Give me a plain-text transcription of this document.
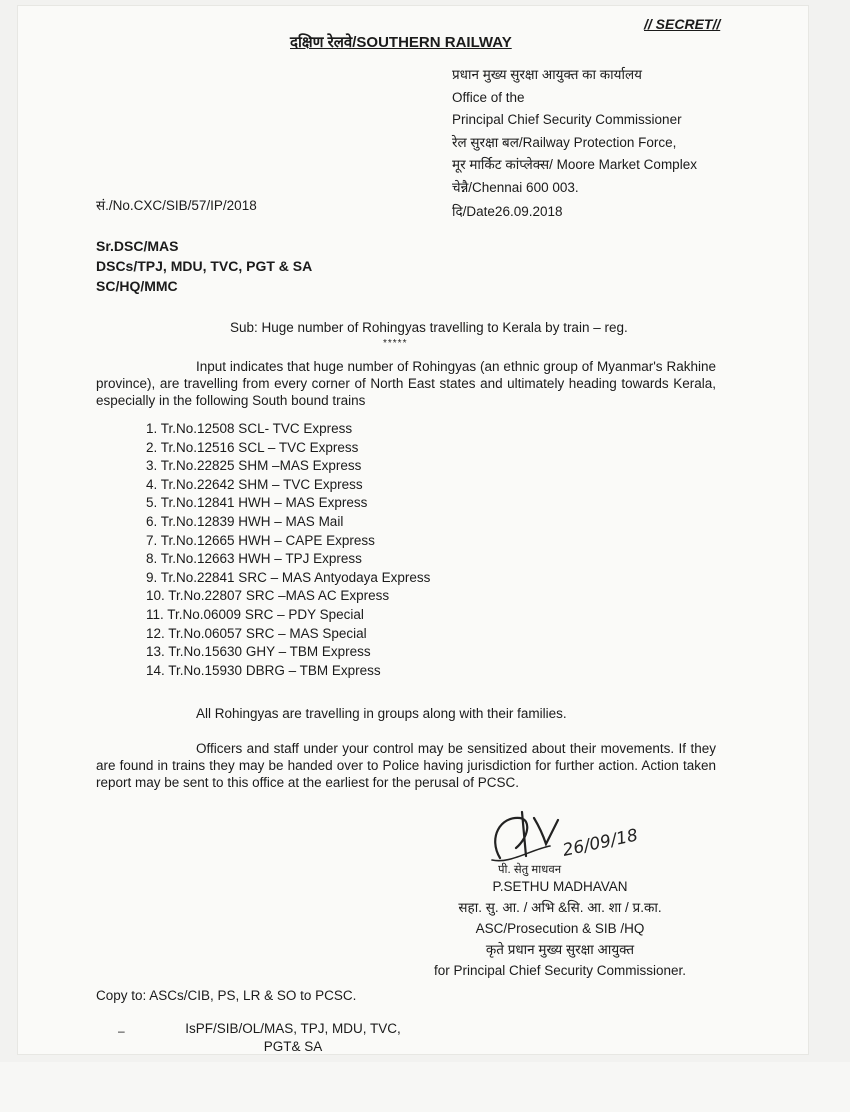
// SECRET//
दक्षिण रेलवे/SOUTHERN RAILWAY
प्रधान मुख्य सुरक्षा आयुक्त का कार्यालय
Office of the
Principal Chief Security Commissioner
रेल सुरक्षा बल/Railway Protection Force,
मूर मार्किट कांप्लेक्स/ Moore Market Complex
चेन्नै/Chennai 600 003.
सं./No.CXC/SIB/57/IP/2018	दि/Date26.09.2018
Sr.DSC/MAS
DSCs/TPJ, MDU, TVC, PGT & SA
SC/HQ/MMC
Sub: Huge number of Rohingyas travelling to Kerala by train – reg.
*****
Input indicates that huge number of Rohingyas (an ethnic group of Myanmar's Rakhine province), are travelling from every corner of North East states and ultimately heading towards Kerala, especially in the following South bound trains
1. Tr.No.12508 SCL- TVC Express
2. Tr.No.12516 SCL – TVC Express
3. Tr.No.22825 SHM –MAS Express
4. Tr.No.22642 SHM – TVC Express
5. Tr.No.12841 HWH – MAS Express
6. Tr.No.12839 HWH – MAS Mail
7. Tr.No.12665 HWH – CAPE Express
8. Tr.No.12663 HWH – TPJ Express
9. Tr.No.22841 SRC – MAS Antyodaya Express
10. Tr.No.22807 SRC –MAS AC Express
11. Tr.No.06009 SRC – PDY Special
12. Tr.No.06057 SRC – MAS Special
13. Tr.No.15630 GHY – TBM Express
14. Tr.No.15930 DBRG – TBM Express
All Rohingyas are travelling in groups along with their families.
Officers and staff under your control may be sensitized about their movements. If they are found in trains they may be handed over to Police having jurisdiction for further action. Action taken report may be sent to this office at the earliest for the perusal of PCSC.
26/09/18
पी. सेतु माधवन
P.SETHU MADHAVAN
सहा. सु. आ. / अभि &सि. आ. शा / प्र.का.
ASC/Prosecution & SIB /HQ
कृते प्रधान मुख्य सुरक्षा आयुक्त
for Principal Chief Security Commissioner.
Copy to: ASCs/CIB, PS, LR & SO to PCSC.
–	IsPF/SIB/OL/MAS, TPJ, MDU, TVC,
PGT& SA
